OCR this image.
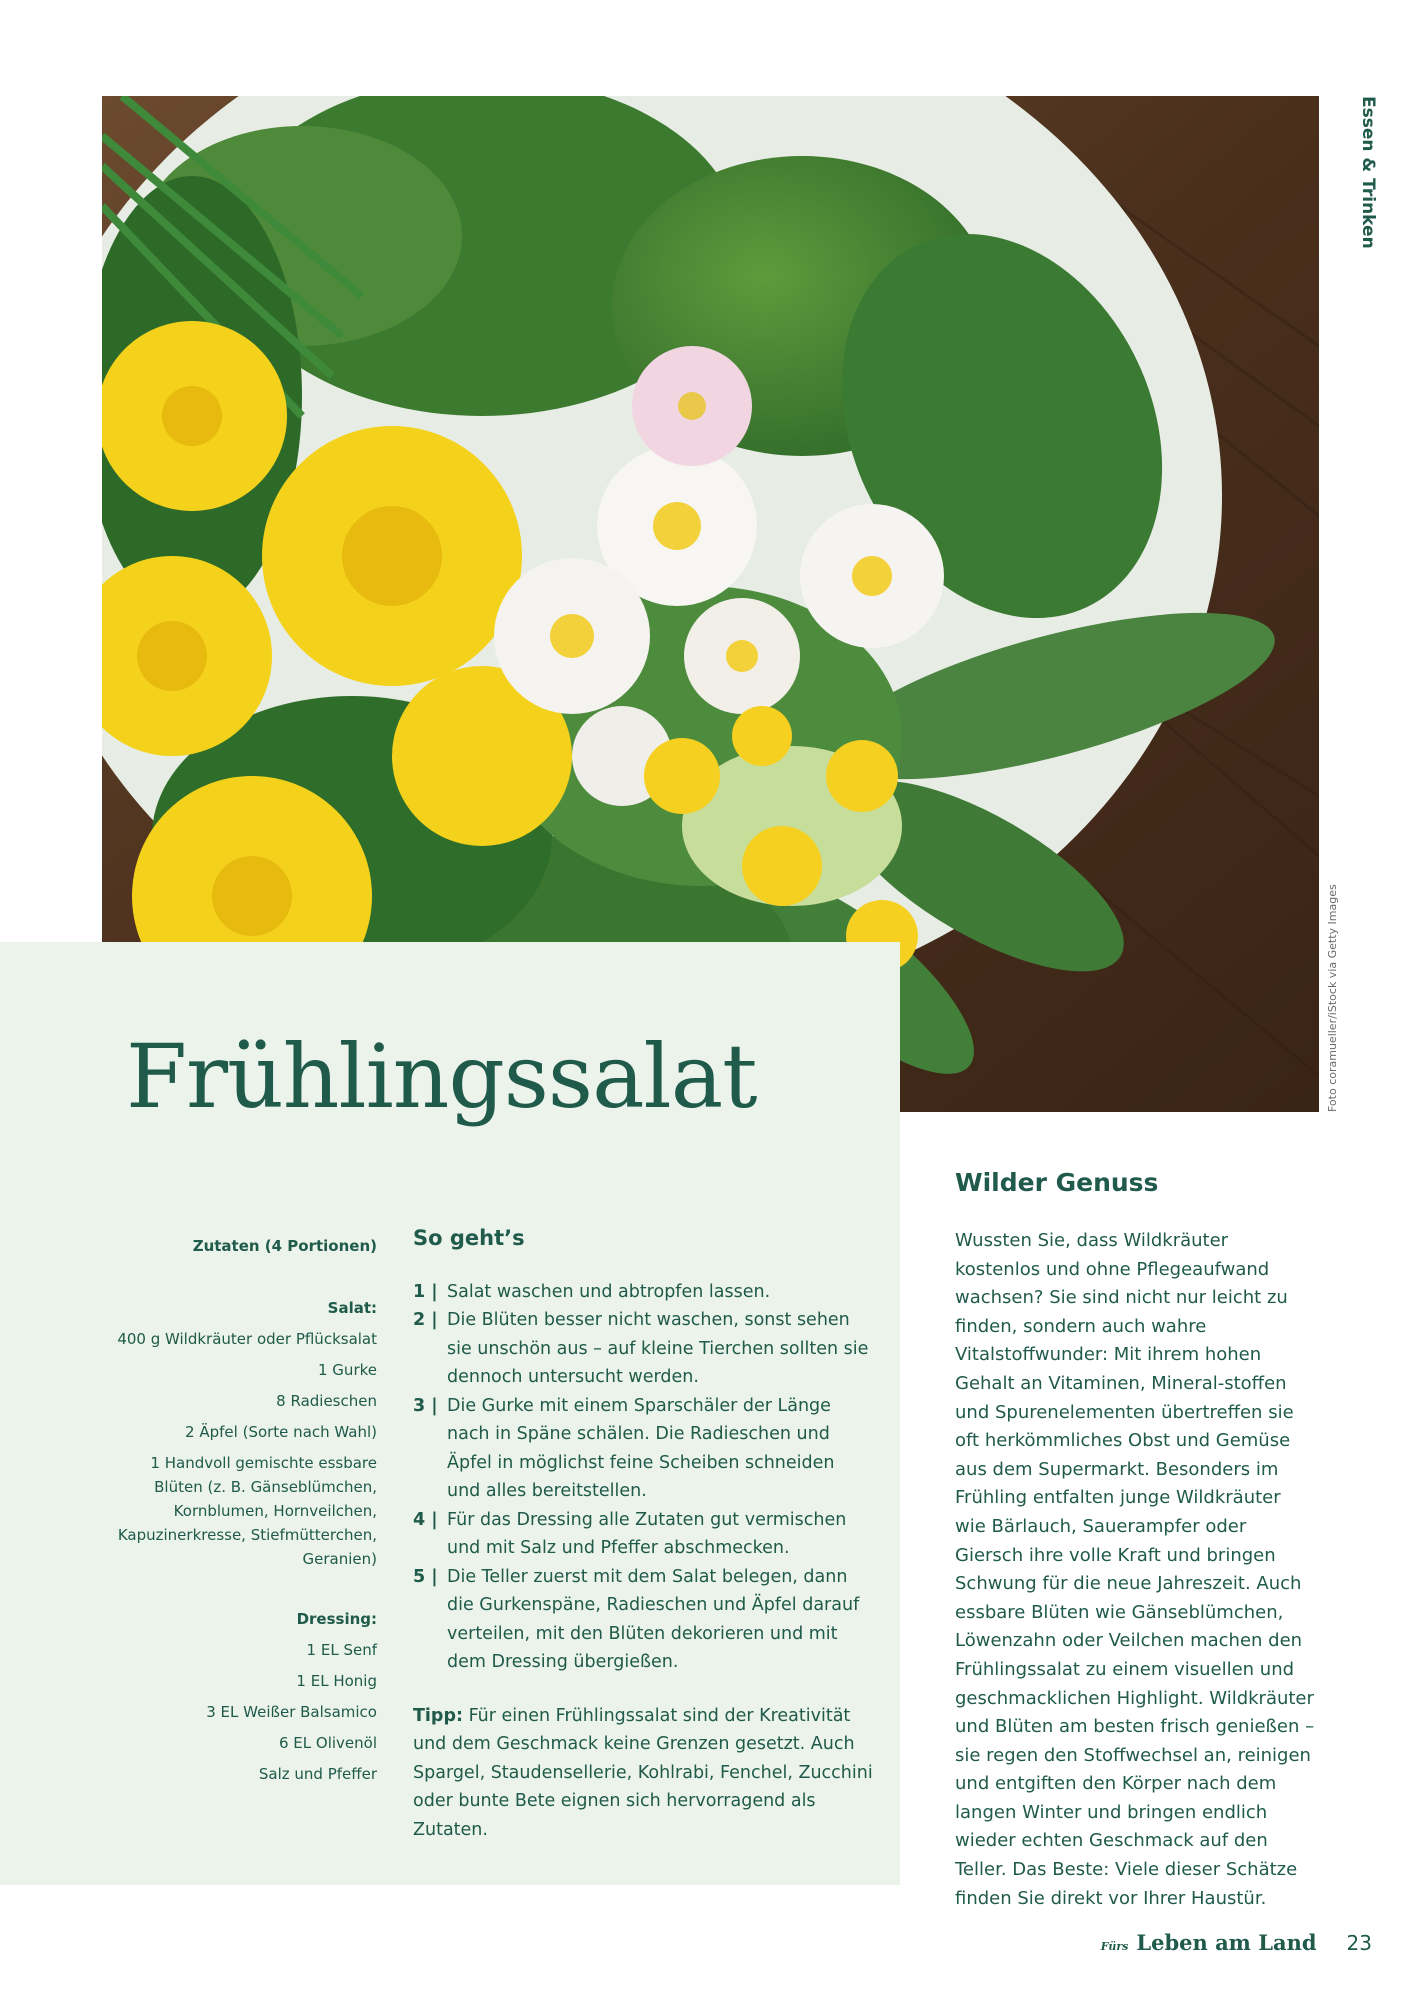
Foto coramueller/iStock via Getty Images
Essen & Trinken
Frühlingssalat
Zutaten (4 Portionen)
Salat:
400 g Wildkräuter oder Pflücksalat
1 Gurke
8 Radieschen
2 Äpfel (Sorte nach Wahl)
1 Handvoll gemischte essbare Blüten (z. B. Gänseblümchen, Kornblumen, Hornveilchen, Kapuzinerkresse, Stiefmütterchen, Geranien)
Dressing:
1 EL Senf
1 EL Honig
3 EL Weißer Balsamico
6 EL Olivenöl
Salz und Pfeffer
So geht’s
1 | Salat waschen und abtropfen lassen.
2 | Die Blüten besser nicht waschen, sonst sehen sie unschön aus – auf kleine Tierchen sollten sie dennoch untersucht werden.
3 | Die Gurke mit einem Sparschäler der Länge nach in Späne schälen. Die Radieschen und Äpfel in möglichst feine Scheiben schneiden und alles bereitstellen.
4 | Für das Dressing alle Zutaten gut vermischen und mit Salz und Pfeffer abschmecken.
5 | Die Teller zuerst mit dem Salat belegen, dann die Gurkenspäne, Radieschen und Äpfel darauf verteilen, mit den Blüten dekorieren und mit dem Dressing übergießen.
Tipp: Für einen Frühlingssalat sind der Kreativität und dem Geschmack keine Grenzen gesetzt. Auch Spargel, Staudensellerie, Kohlrabi, Fenchel, Zucchini oder bunte Bete eignen sich hervorragend als Zutaten.
Wilder Genuss

Wussten Sie, dass Wildkräuter kostenlos und ohne Pflegeaufwand wachsen? Sie sind nicht nur leicht zu finden, sondern auch wahre Vitalstoffwunder: Mit ihrem hohen Gehalt an Vitaminen, Mineral-stoffen und Spurenelementen übertreffen sie oft herkömmliches Obst und Gemüse aus dem Supermarkt. Besonders im Frühling entfalten junge Wildkräuter wie Bärlauch, Sauerampfer oder Giersch ihre volle Kraft und bringen Schwung für die neue Jahreszeit. Auch essbare Blüten wie Gänseblümchen, Löwenzahn oder Veilchen machen den Frühlingssalat zu einem visuellen und geschmacklichen Highlight. Wildkräuter und Blüten am besten frisch genießen – sie regen den Stoffwechsel an, reinigen und entgiften den Körper nach dem langen Winter und bringen endlich wieder echten Geschmack auf den Teller. Das Beste: Viele dieser Schätze finden Sie direkt vor Ihrer Haustür.

Fürs Leben am Land 23
